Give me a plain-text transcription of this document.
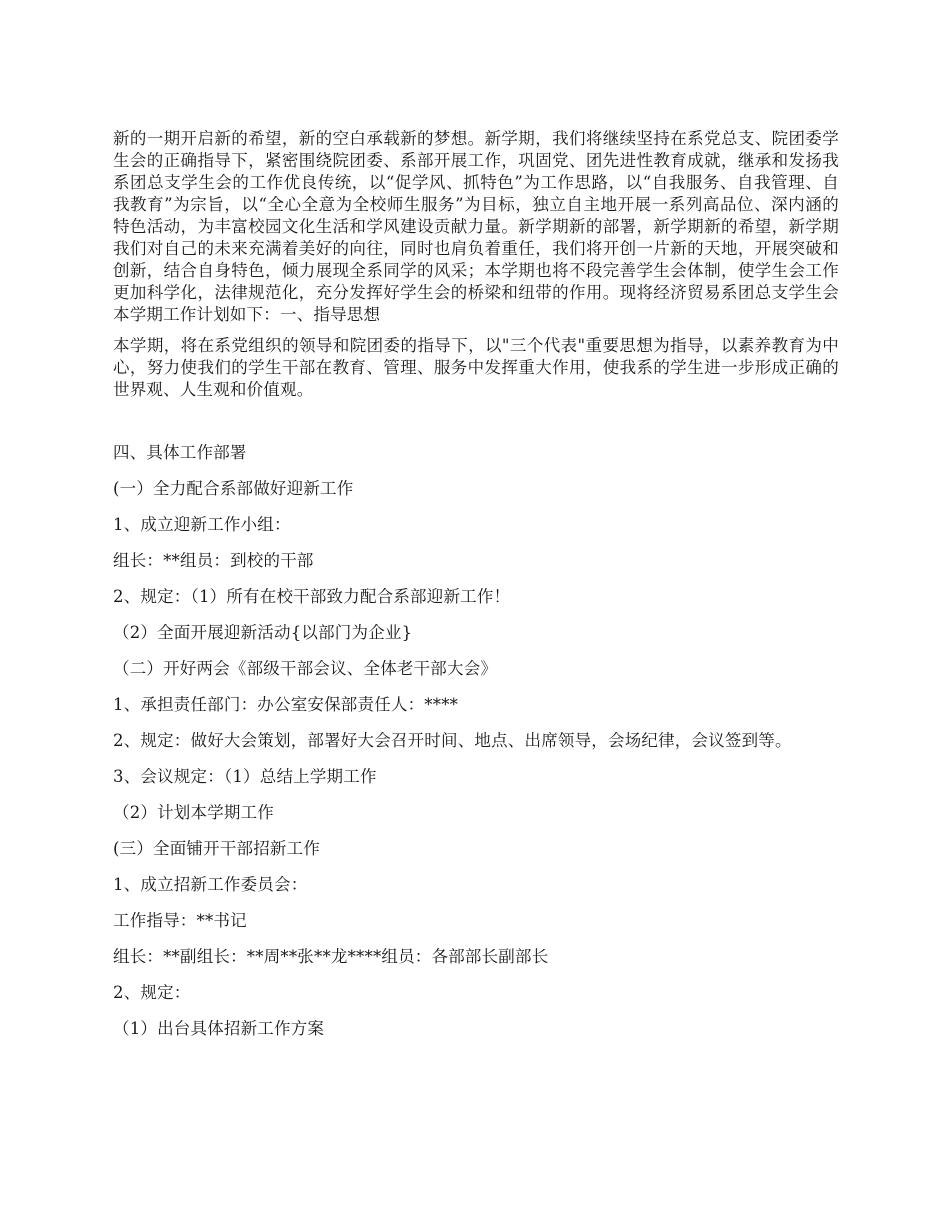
新的一期开启新的希望，新的空白承载新的梦想。新学期，我们将继续坚持在系党总支、院团委学生会的正确指导下，紧密围绕院团委、系部开展工作，巩固党、团先进性教育成就，继承和发扬我系团总支学生会的工作优良传统，以“促学风、抓特色”为工作思路，以“自我服务、自我管理、自我教育”为宗旨，以“全心全意为全校师生服务”为目标，独立自主地开展一系列高品位、深内涵的特色活动，为丰富校园文化生活和学风建设贡献力量。新学期新的部署，新学期新的希望，新学期我们对自己的未来充满着美好的向往，同时也肩负着重任，我们将开创一片新的天地，开展突破和创新，结合自身特色，倾力展现全系同学的风采；本学期也将不段完善学生会体制，使学生会工作更加科学化，法律规范化，充分发挥好学生会的桥梁和纽带的作用。现将经济贸易系团总支学生会本学期工作计划如下：一、指导思想

本学期，将在系党组织的领导和院团委的指导下，以"三个代表"重要思想为指导，以素养教育为中心，努力使我们的学生干部在教育、管理、服务中发挥重大作用，使我系的学生进一步形成正确的世界观、人生观和价值观。

四、具体工作部署

(一）全力配合系部做好迎新工作

1、成立迎新工作小组：

组长：**组员：到校的干部

2、规定：（1）所有在校干部致力配合系部迎新工作！

（2）全面开展迎新活动{以部门为企业}

（二）开好两会《部级干部会议、全体老干部大会》

1、承担责任部门：办公室安保部责任人：****

2、规定：做好大会策划，部署好大会召开时间、地点、出席领导，会场纪律，会议签到等。

3、会议规定：（1）总结上学期工作

（2）计划本学期工作

(三）全面铺开干部招新工作

1、成立招新工作委员会：

工作指导：**书记

组长：**副组长：**周**张**龙****组员：各部部长副部长

2、规定：

（1）出台具体招新工作方案
